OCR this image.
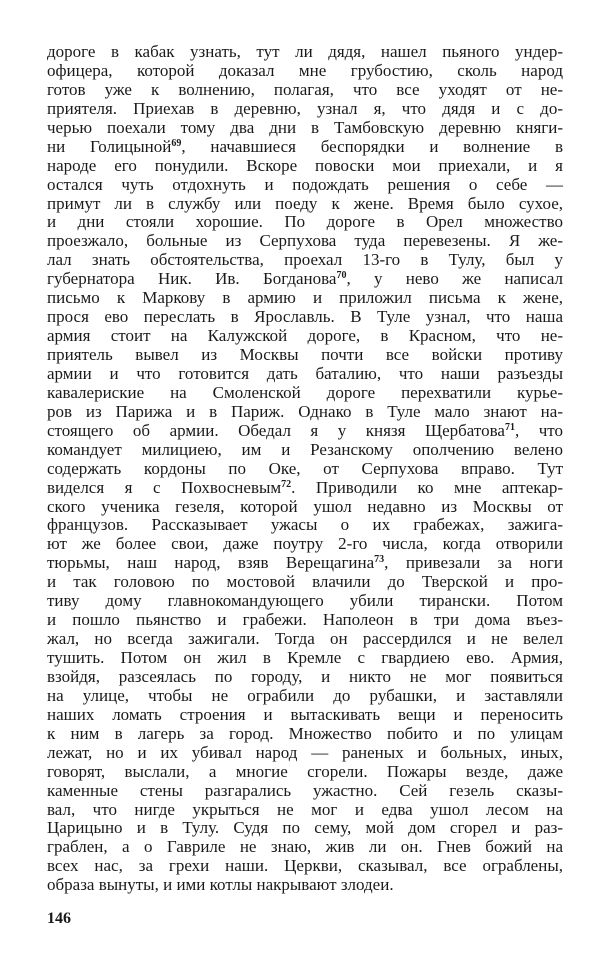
дороге в кабак узнать, тут ли дядя, нашел пьяного ундер-
офицера, которой доказал мне грубостию, сколь народ
готов уже к волнению, полагая, что все уходят от не-
приятеля. Приехав в деревню, узнал я, что дядя и с до-
черью поехали тому два дни в Тамбовскую деревню княги-
ни Голицыной$^{69}$, начавшиеся беспорядки и волнение в
народе его понудили. Вскоре повоски мои приехали, и я
остался чуть отдохнуть и подождать решения о себе —
примут ли в службу или поеду к жене. Время было сухое,
и дни стояли хорошие. По дороге в Орел множество
проезжало, больные из Серпухова туда перевезены. Я же-
лал знать обстоятельства, проехал 13-го в Тулу, был у
губернатора Ник. Ив. Богданова$^{70}$, у нево же написал
письмо к Маркову в армию и приложил письма к жене,
прося ево переслать в Ярославль. В Туле узнал, что наша
армия стоит на Калужской дороге, в Красном, что не-
приятель вывел из Москвы почти все войски противу
армии и что готовится дать баталию, что наши разъезды
кавалериские на Смоленской дороге перехватили курье-
ров из Парижа и в Париж. Однако в Туле мало знают на-
стоящего об армии. Обедал я у князя Щербатова$^{71}$, что
командует милициею, им и Резанскому ополчению велено
содержать кордоны по Оке, от Серпухова вправо. Тут
виделся я с Похвосневым$^{72}$. Приводили ко мне аптекар-
ского ученика гезеля, которой ушол недавно из Москвы от
французов. Рассказывает ужасы о их грабежах, зажига-
ют же более свои, даже поутру 2-го числа, когда отворили
тюрьмы, наш народ, взяв Верещагина$^{73}$, привезали за ноги
и так головою по мостовой влачили до Тверской и про-
тиву дому главнокомандующего убили тирански. Потом
и пошло пьянство и грабежи. Наполеон в три дома въез-
жал, но всегда зажигали. Тогда он рассердился и не велел
тушить. Потом он жил в Кремле с гвардиею ево. Армия,
взойдя, разсеялась по городу, и никто не мог появиться
на улице, чтобы не ограбили до рубашки, и заставляли
наших ломать строения и вытаскивать вещи и переносить
к ним в лагерь за город. Множество побито и по улицам
лежат, но и их убивал народ — раненых и больных, иных,
говорят, выслали, а многие сгорели. Пожары везде, даже
каменные стены разгарались ужастно. Сей гезель сказы-
вал, что нигде укрыться не мог и едва ушол лесом на
Царицыно и в Тулу. Судя по сему, мой дом сгорел и раз-
граблен, а о Гавриле не знаю, жив ли он. Гнев божий на
всех нас, за грехи наши. Церкви, сказывал, все ограблены,
образа вынуты, и ими котлы накрывают злодеи.
146
